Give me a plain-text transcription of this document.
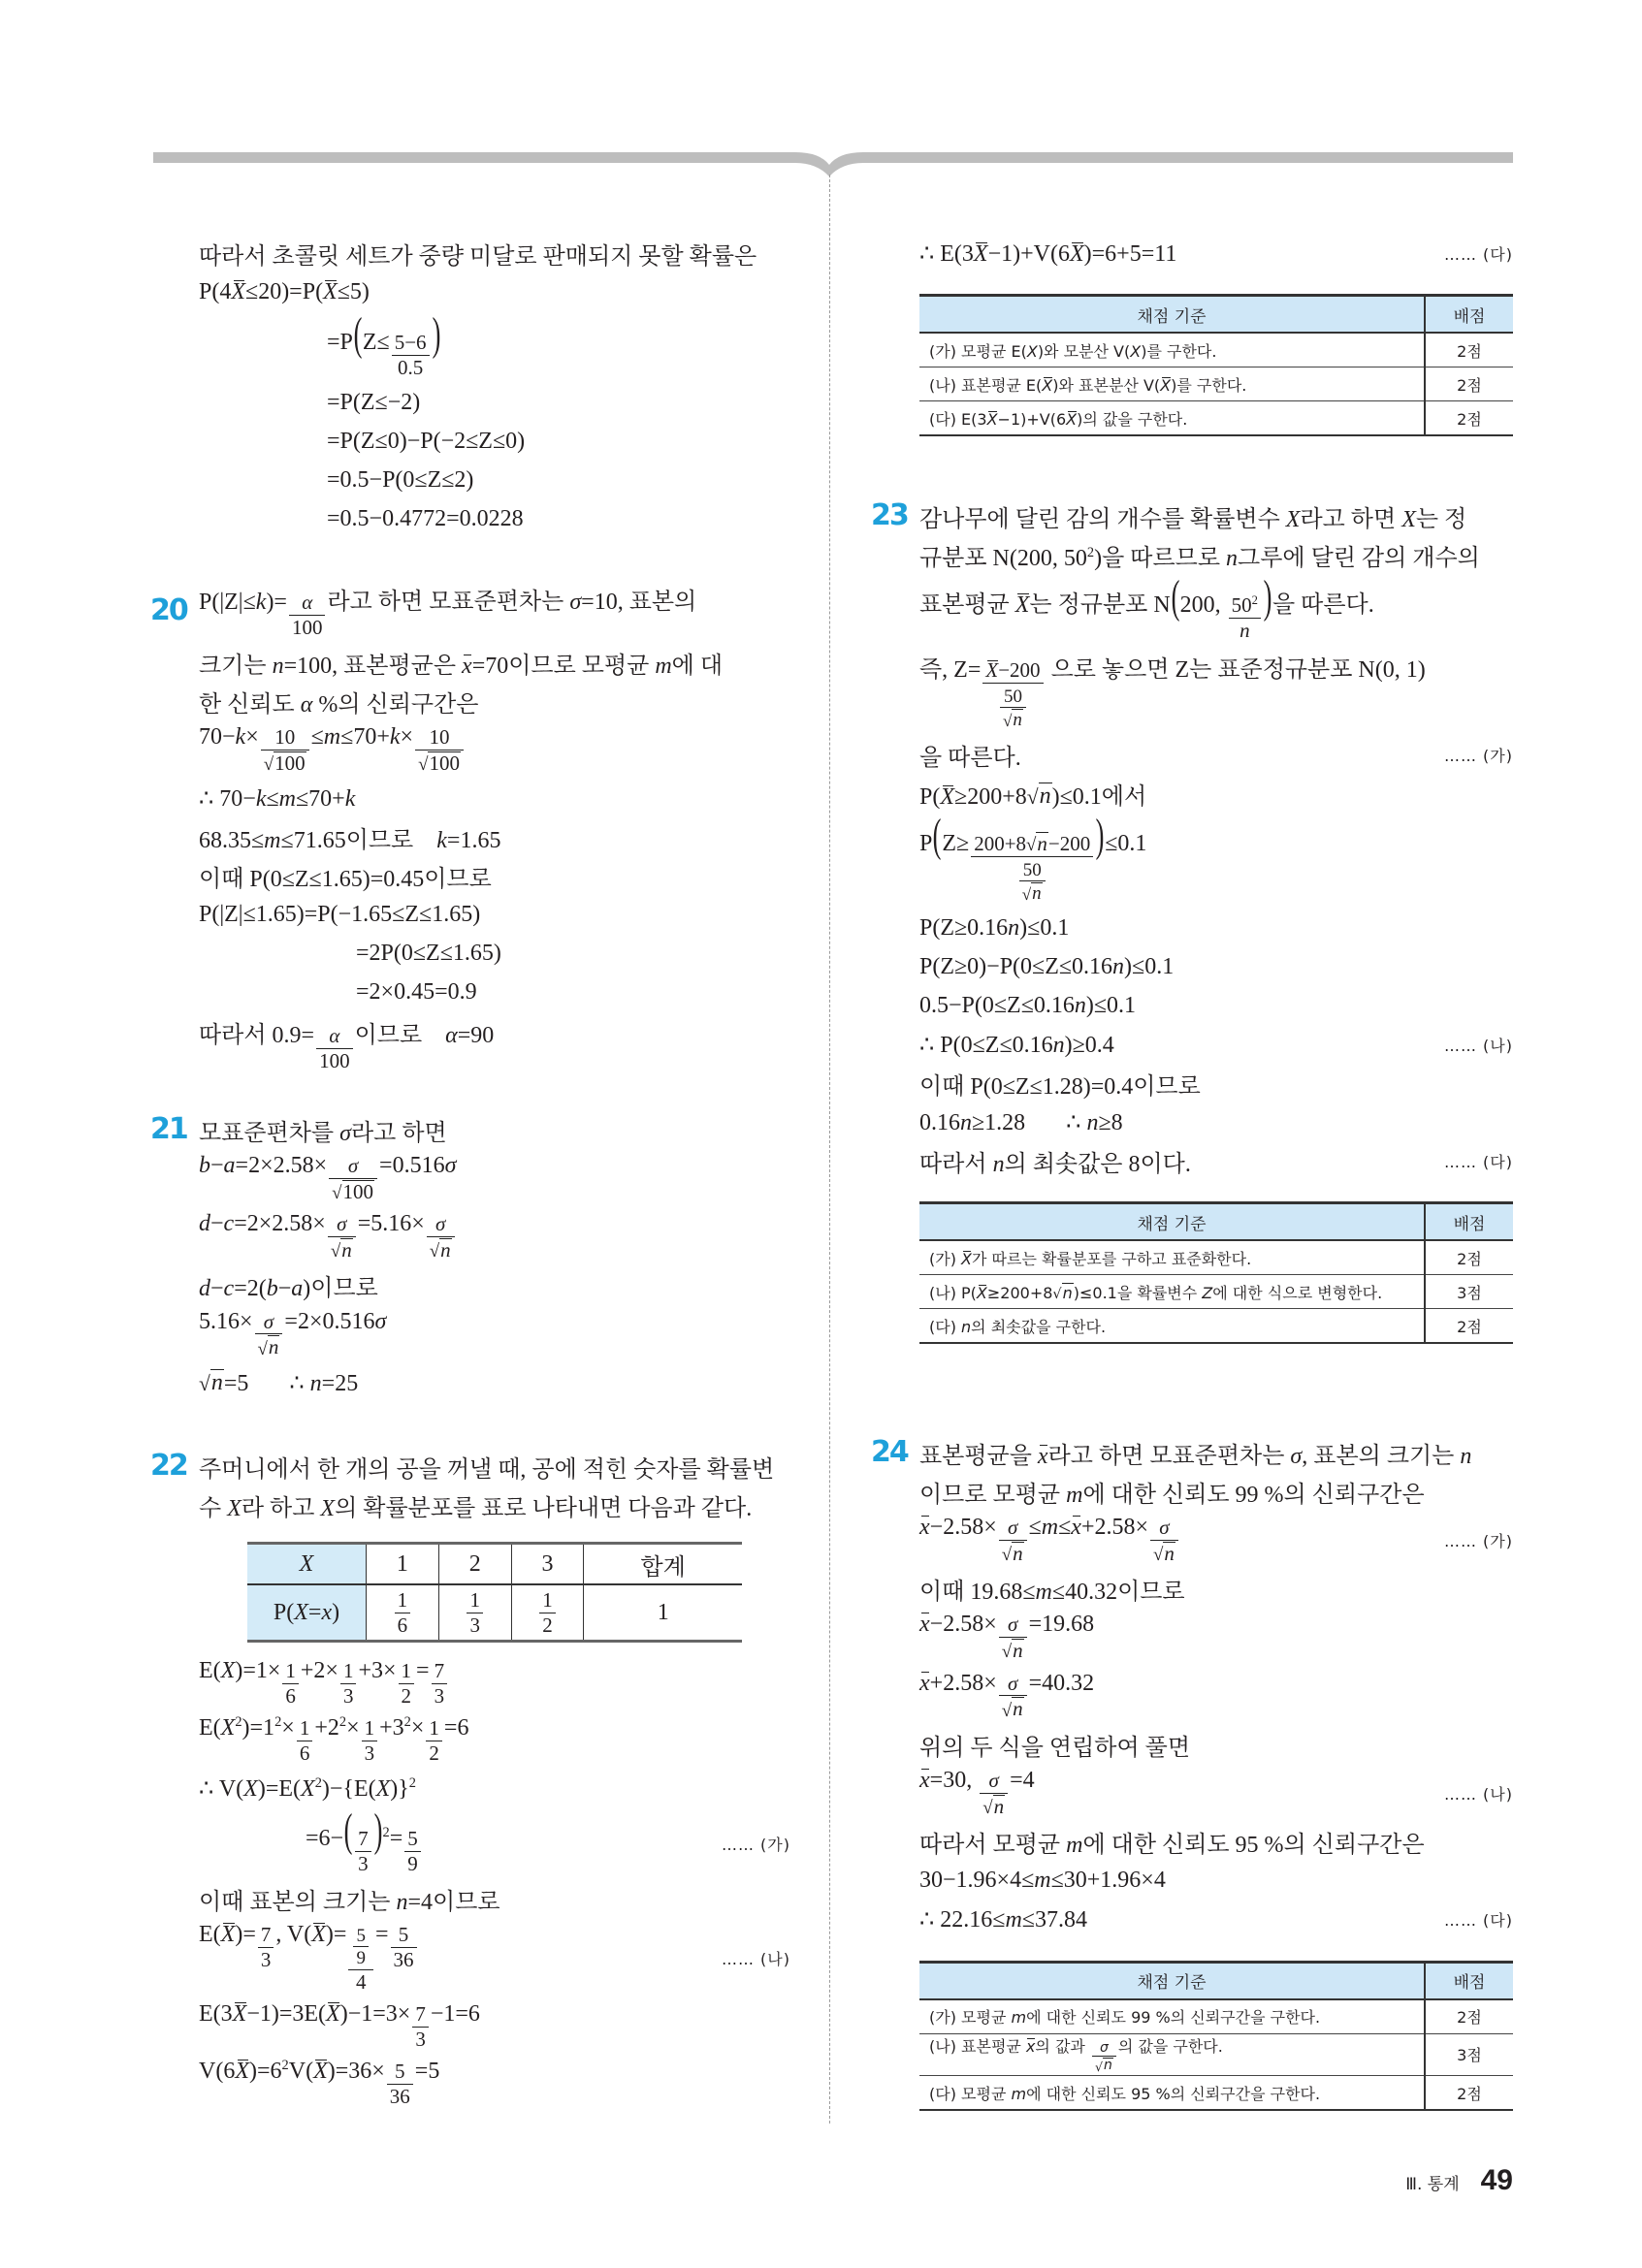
따라서 초콜릿 세트가 중량 미달로 판매되지 못할 확률은
P(4X≤20)=P(X≤5)
$=P(Z\le \frac{5-6}{0.5}$ )
=P(Z≤−2)
=P(Z≤0)−P(−2≤Z≤0)
=0.5−P(0≤Z≤2)
=0.5−0.4772=0.0228
20 $P(|Z|\le k)= \frac{\alpha}{100}$ 라고 하면 모표준편차는 σ=10, 표본의
크기는 n=100, 표본평균은 x=70이므로 모평균 m에 대
한 신뢰도 α %의 신뢰구간은
70−k× 10
√ 100 ≤m≤70+k× 10
√ 100
∴ 70−k≤m≤70+k
68.35≤m≤71.65이므로    k=1.65
이때 P(0≤Z≤1.65)=0.45이므로
P(|Z|≤1.65)=P(−1.65≤Z≤1.65)
=2P(0≤Z≤1.65)
=2×0.45=0.9
따라서 $0.9= \frac{\alpha}{100}$ 이므로    α=90
21 모표준편차를 σ라고 하면
b−a=2×2.58× σ
√ 100 =0.516σ
d−c=2×2.58× σ
√ n =5.16× σ
√ n
d−c=2(b−a)이므로
5.16× σ
√ n =2×0.516σ
√ n =5       ∴ n=25
22 주머니에서 한 개의 공을 꺼낼 때, 공에 적힌 숫자를 확률변
수 X라 하고 X의 확률분포를 표로 나타내면 다음과 같다.
X	1	2	3	합계

P(X=x)	$\frac{1}{6}$	$\frac{1}{3}$	$\frac{1}{2}$	1
$E(X)=1\times \frac{1}{6} +2\times \frac{1}{3} +3\times \frac{1}{2} = \frac{7}{3}$
$E(X^2)=1^2\times \frac{1}{6} +2^2\times \frac{1}{3} +3^2\times \frac{1}{2} =6$
∴ $V(X)=E(X^2)-\{E(X)\}^2$
$=6-( \frac{7}{3} )^2= \frac{5}{9}$	…… (가)
이때 표본의 크기는 n=4이므로
$E(X)= \frac{7}{3}$ , $V(X)= \frac{\frac{5}{9}}{4} = \frac{5}{36}$	…… (나)
$E(3X-1)=3E(X)-1=3\times \frac{7}{3} -1=6$
$V(6X)=6^2V(X)=36\times \frac{5}{36} =5$
∴ E(3X−1)+V(6X)=6+5=11	…… (다)
채점 기준	배점

(가) 모평균 E(X)와 모분산 V(X)를 구한다.	2점

(나) 표본평균 E(X)와 표본분산 V(X)를 구한다.	2점

(다) E(3X−1)+V(6X)의 값을 구한다.	2점
23 감나무에 달린 감의 개수를 확률변수 X라고 하면 X는 정
규분포 N(200, $50^2$)을 따르므로 n그루에 달린 감의 개수의
표본평균 X는 정규분포 N(200, $\frac{50^2}{n}$ )을 따른다.
즉, Z= X−200
50
√ n 으로 놓으면 Z는 표준정규분포 N(0, 1)
을 따른다.	…… (가)
P(X≥200+8 √ n )≤0.1에서
P(Z≥ 200+8 √ n −200
50
√ n )≤0.1
P(Z≥0.16n)≤0.1
P(Z≥0)−P(0≤Z≤0.16n)≤0.1
0.5−P(0≤Z≤0.16n)≤0.1
∴ P(0≤Z≤0.16n)≥0.4	…… (나)
이때 P(0≤Z≤1.28)=0.4이므로
0.16n≥1.28       ∴ n≥8
따라서 n의 최솟값은 8이다.	…… (다)
채점 기준	배점

(가) X가 따르는 확률분포를 구하고 표준화한다.	2점

(나) P(X≥200+8 √ n )≤0.1을 확률변수 Z에 대한 식으로 변형한다.	3점

(다) n의 최솟값을 구한다.	2점
24 표본평균을 x라고 하면 모표준편차는 σ, 표본의 크기는 n
이므로 모평균 m에 대한 신뢰도 99 %의 신뢰구간은
x−2.58× σ
√ n ≤m≤x+2.58× σ
√ n	…… (가)
이때 19.68≤m≤40.32이므로
x−2.58× σ
√ n =19.68
x+2.58× σ
√ n =40.32
위의 두 식을 연립하여 풀면
x=30, σ
√ n =4
…… (나)
따라서 모평균 m에 대한 신뢰도 95 %의 신뢰구간은
30−1.96×4≤m≤30+1.96×4
∴ 22.16≤m≤37.84	…… (다)
채점 기준	배점

(가) 모평균 m에 대한 신뢰도 99 %의 신뢰구간을 구한다.	2점

(나) 표본평균 x의 값과 σ
√ n 의 값을 구한다.	3점

(다) 모평균 m에 대한 신뢰도 95 %의 신뢰구간을 구한다.	2점
Ⅲ. 통계 49
